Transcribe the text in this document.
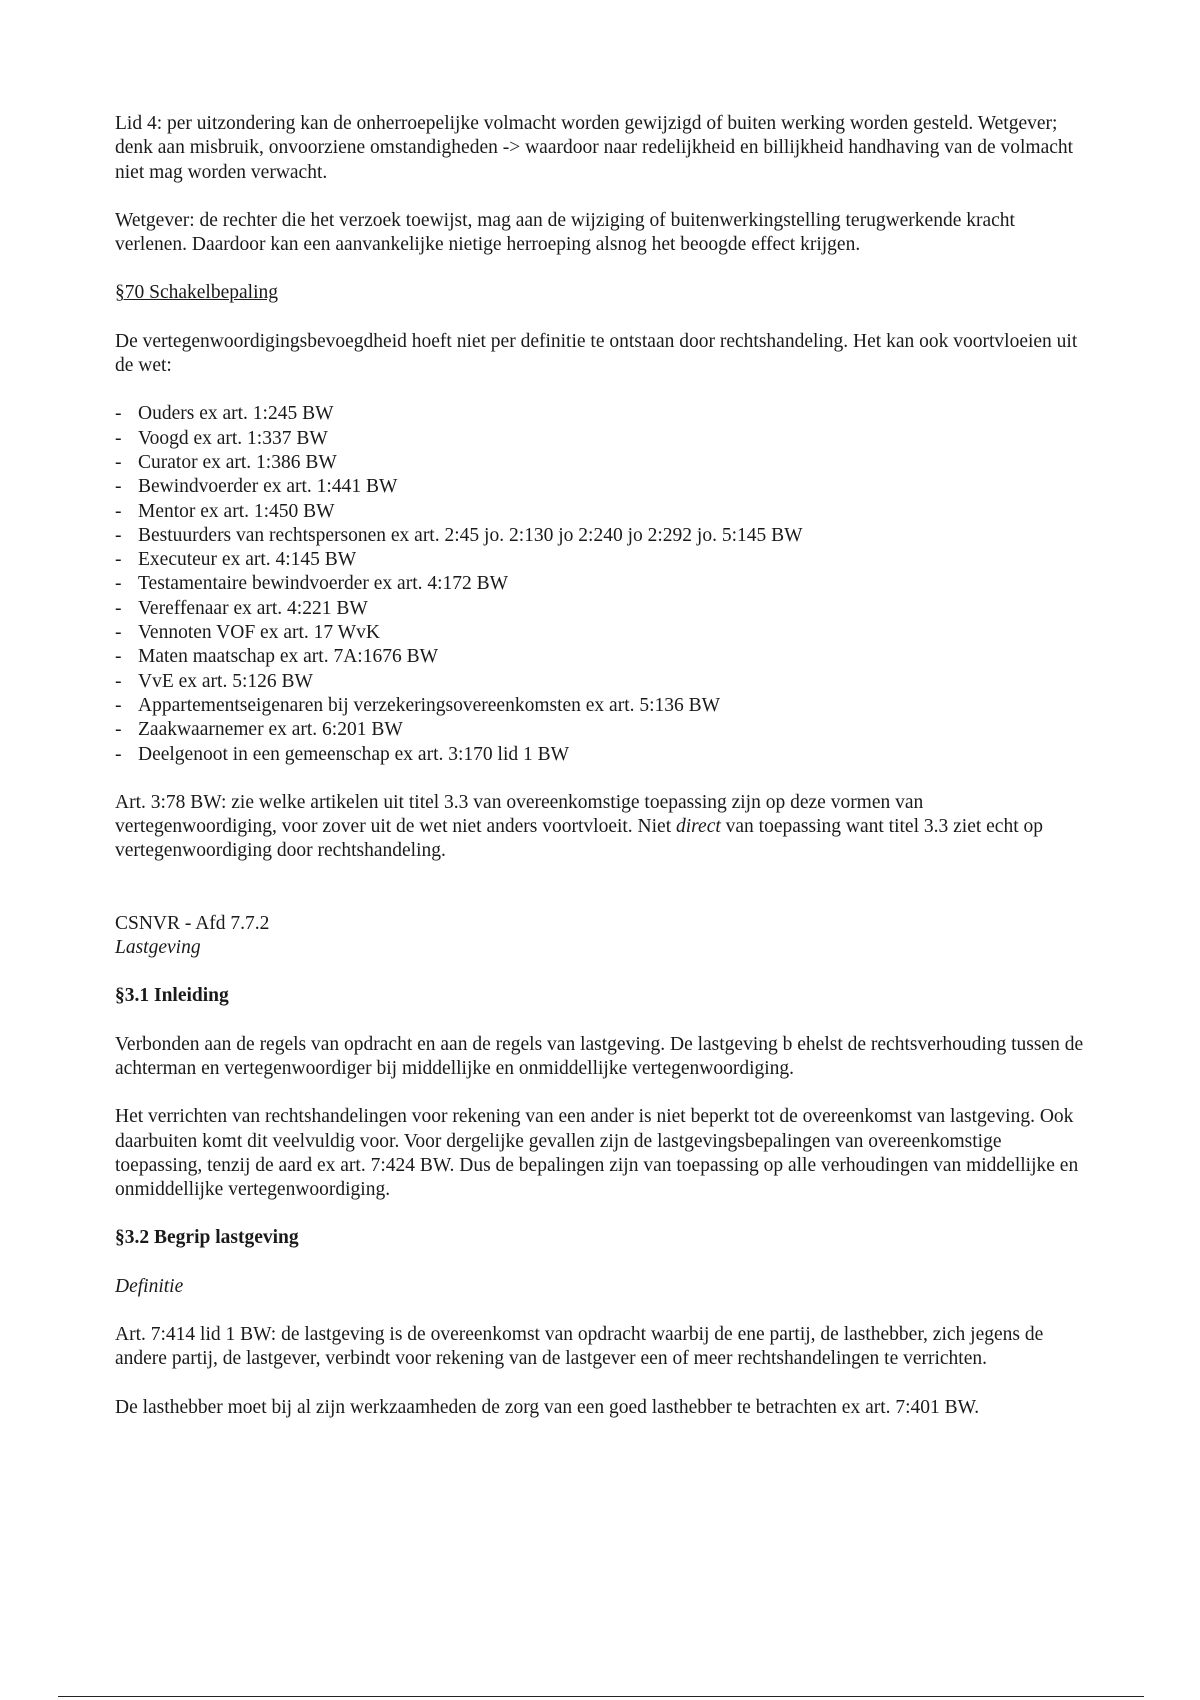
Lid 4: per uitzondering kan de onherroepelijke volmacht worden gewijzigd of buiten werking worden gesteld. Wetgever; denk aan misbruik, onvoorziene omstandigheden -> waardoor naar redelijkheid en billijkheid handhaving van de volmacht niet mag worden verwacht.

Wetgever: de rechter die het verzoek toewijst, mag aan de wijziging of buitenwerkingstelling terugwerkende kracht verlenen. Daardoor kan een aanvankelijke nietige herroeping alsnog het beoogde effect krijgen.

§70 Schakelbepaling

De vertegenwoordigingsbevoegdheid hoeft niet per definitie te ontstaan door rechtshandeling. Het kan ook voortvloeien uit de wet:

- Ouders ex art. 1:245 BW
- Voogd ex art. 1:337 BW
- Curator ex art. 1:386 BW
- Bewindvoerder ex art. 1:441 BW
- Mentor ex art. 1:450 BW
- Bestuurders van rechtspersonen ex art. 2:45 jo. 2:130 jo 2:240 jo 2:292 jo. 5:145 BW
- Executeur ex art. 4:145 BW
- Testamentaire bewindvoerder ex art. 4:172 BW
- Vereffenaar ex art. 4:221 BW
- Vennoten VOF ex art. 17 WvK
- Maten maatschap ex art. 7A:1676 BW
- VvE ex art. 5:126 BW
- Appartementseigenaren bij verzekeringsovereenkomsten ex art. 5:136 BW
- Zaakwaarnemer ex art. 6:201 BW
- Deelgenoot in een gemeenschap ex art. 3:170 lid 1 BW

Art. 3:78 BW: zie welke artikelen uit titel 3.3 van overeenkomstige toepassing zijn op deze vormen van vertegenwoordiging, voor zover uit de wet niet anders voortvloeit. Niet direct van toepassing want titel 3.3 ziet echt op vertegenwoordiging door rechtshandeling.

CSNVR - Afd 7.7.2

Lastgeving

§3.1 Inleiding

Verbonden aan de regels van opdracht en aan de regels van lastgeving. De lastgeving b ehelst de rechtsverhouding tussen de achterman en vertegenwoordiger bij middellijke en onmiddellijke vertegenwoordiging.

Het verrichten van rechtshandelingen voor rekening van een ander is niet beperkt tot de overeenkomst van lastgeving. Ook daarbuiten komt dit veelvuldig voor. Voor dergelijke gevallen zijn de lastgevingsbepalingen van overeenkomstige toepassing, tenzij de aard ex art. 7:424 BW. Dus de bepalingen zijn van toepassing op alle verhoudingen van middellijke en onmiddellijke vertegenwoordiging.

§3.2 Begrip lastgeving

Definitie

Art. 7:414 lid 1 BW: de lastgeving is de overeenkomst van opdracht waarbij de ene partij, de lasthebber, zich jegens de andere partij, de lastgever, verbindt voor rekening van de lastgever een of meer rechtshandelingen te verrichten.

De lasthebber moet bij al zijn werkzaamheden de zorg van een goed lasthebber te betrachten ex art. 7:401 BW.
